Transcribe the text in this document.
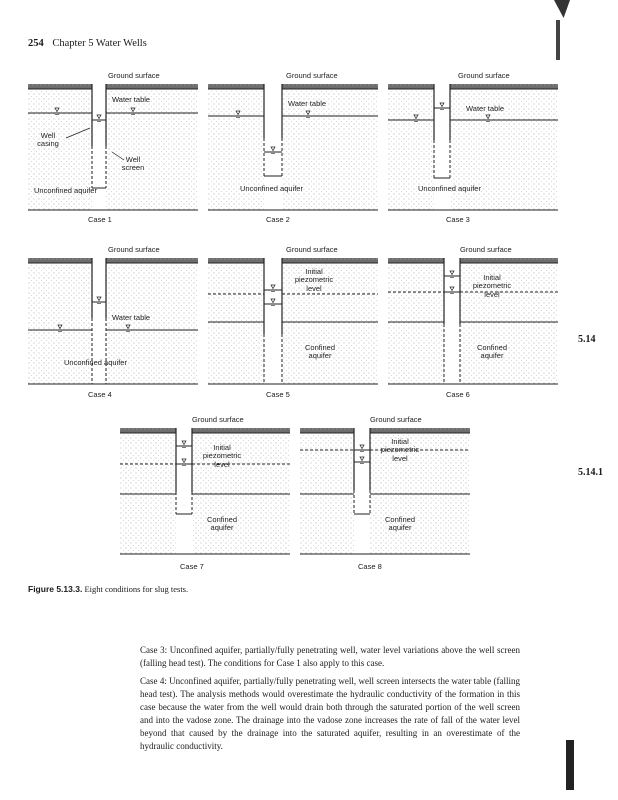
254 Chapter 5 Water Wells
Ground surface
Water table
Well
casing
Well
screen
Unconfined aquifer
Ground surface
Water table
Unconfined aquifer
Ground surface
Water table
Unconfined aquifer
Case 1	Case 2	Case 3
Ground surface
Water table
Unconfined aquifer
Ground surface
Initial
piezometric
level
Confined
aquifer
Ground surface
Initial
piezometric
level
Confined
aquifer
Case 4	Case 5	Case 6
Ground surface
Initial
piezometric
level
Confined
aquifer
Ground surface
Initial
piezometric
level
Confined
aquifer
Case 7	Case 8
Figure 5.13.3. Eight conditions for slug tests.
5.14
5.14.1

Case 3: Unconfined aquifer, partially/fully penetrating well, water level variations above the well screen (falling head test). The conditions for Case 1 also apply to this case.

Case 4: Unconfined aquifer, partially/fully penetrating well, well screen intersects the water table (falling head test). The analysis methods would overestimate the hydraulic conductivity of the formation in this case because the water from the well would drain both through the saturated portion of the well screen and into the vadose zone. The drainage into the vadose zone increases the rate of fall of the water level beyond that caused by the drainage into the saturated aquifer, resulting in an overestimate of the hydraulic conductivity.
